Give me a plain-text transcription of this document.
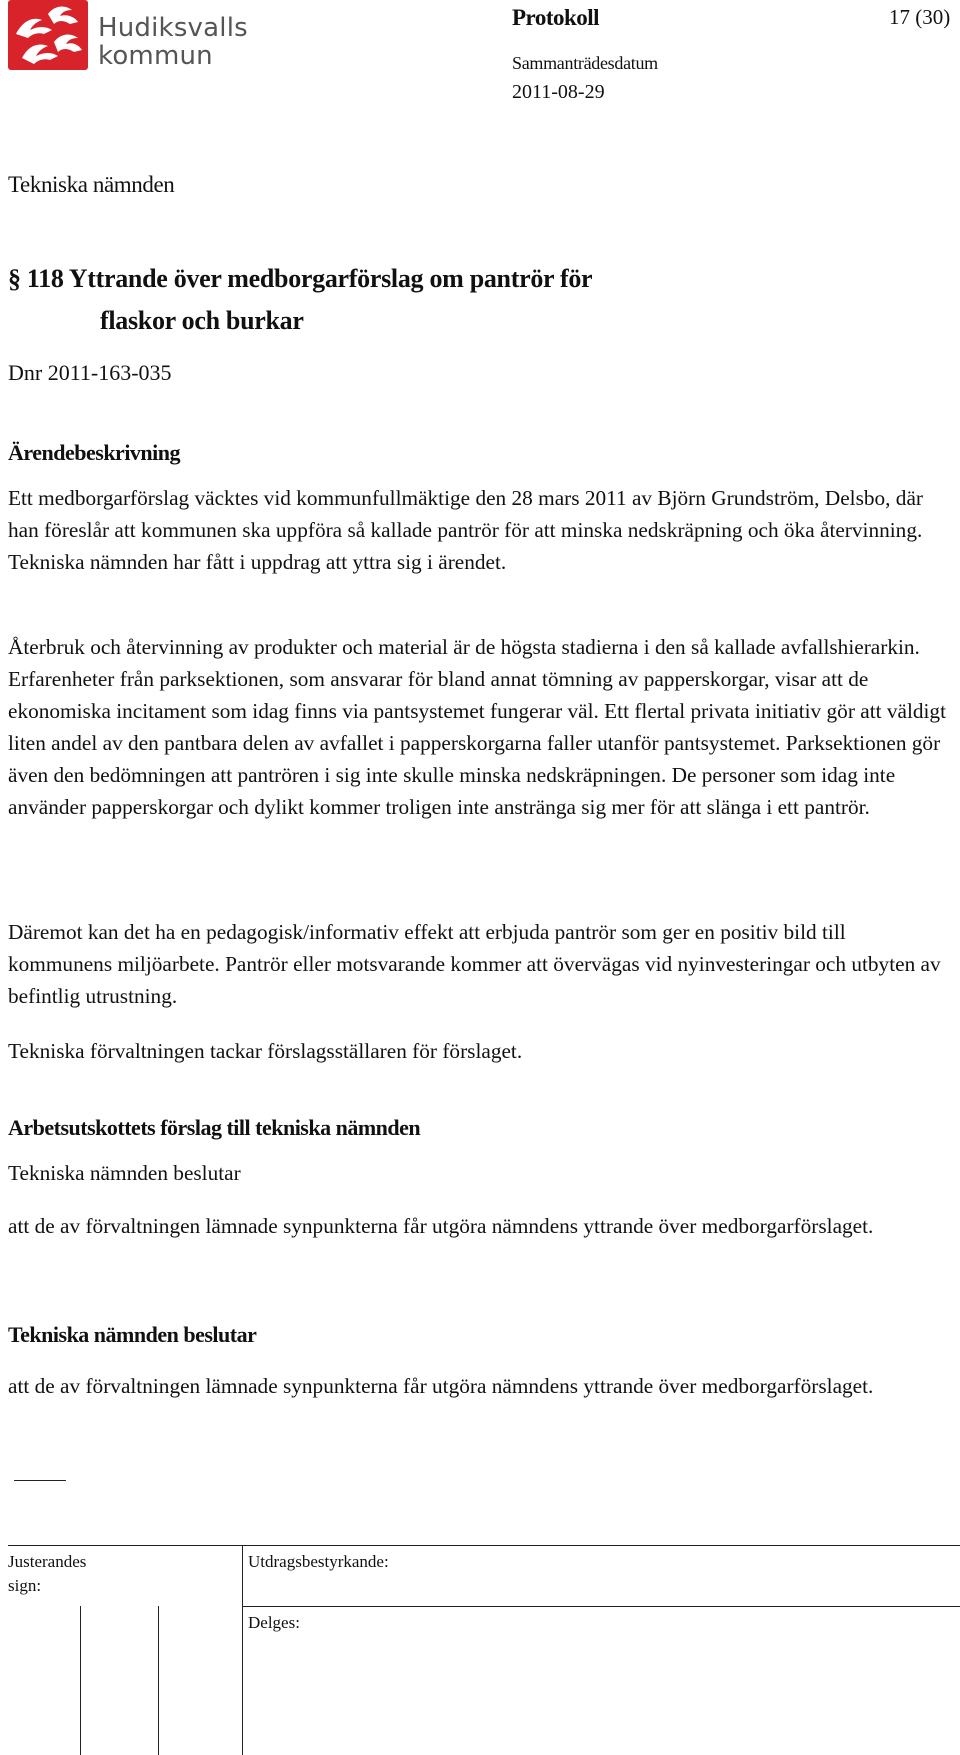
Hudiksvalls
kommun
Protokoll	17 (30)
Sammanträdesdatum
2011-08-29
Tekniska nämnden
§ 118 Yttrande över medborgarförslag om pantrör för
flaskor och burkar
Dnr 2011-163-035
Ärendebeskrivning

Ett medborgarförslag väcktes vid kommunfullmäktige den 28 mars 2011 av Björn Grundström, Delsbo, där han föreslår att kommunen ska uppföra så kallade pantrör för att minska nedskräpning och öka återvinning. Tekniska nämnden har fått i uppdrag att yttra sig i ärendet.

Återbruk och återvinning av produkter och material är de högsta stadierna i den så kallade avfallshierarkin. Erfarenheter från parksektionen, som ansvarar för bland annat tömning av papperskorgar, visar att de ekonomiska incitament som idag finns via pantsystemet fungerar väl. Ett flertal privata initiativ gör att väldigt liten andel av den pantbara delen av avfallet i papperskorgarna faller utanför pantsystemet. Parksektionen gör även den bedömningen att pantrören i sig inte skulle minska nedskräpningen. De personer som idag inte använder papperskorgar och dylikt kommer troligen inte anstränga sig mer för att slänga i ett pantrör.

Däremot kan det ha en pedagogisk/informativ effekt att erbjuda pantrör som ger en positiv bild till kommunens miljöarbete. Pantrör eller motsvarande kommer att övervägas vid nyinvesteringar och utbyten av befintlig utrustning.

Tekniska förvaltningen tackar förslagsställaren för förslaget.

Arbetsutskottets förslag till tekniska nämnden

Tekniska nämnden beslutar

att de av förvaltningen lämnade synpunkterna får utgöra nämndens yttrande över medborgarförslaget.

Tekniska nämnden beslutar

att de av förvaltningen lämnade synpunkterna får utgöra nämndens yttrande över medborgarförslaget.

Justerandes
sign:
Utdragsbestyrkande:
Delges:
